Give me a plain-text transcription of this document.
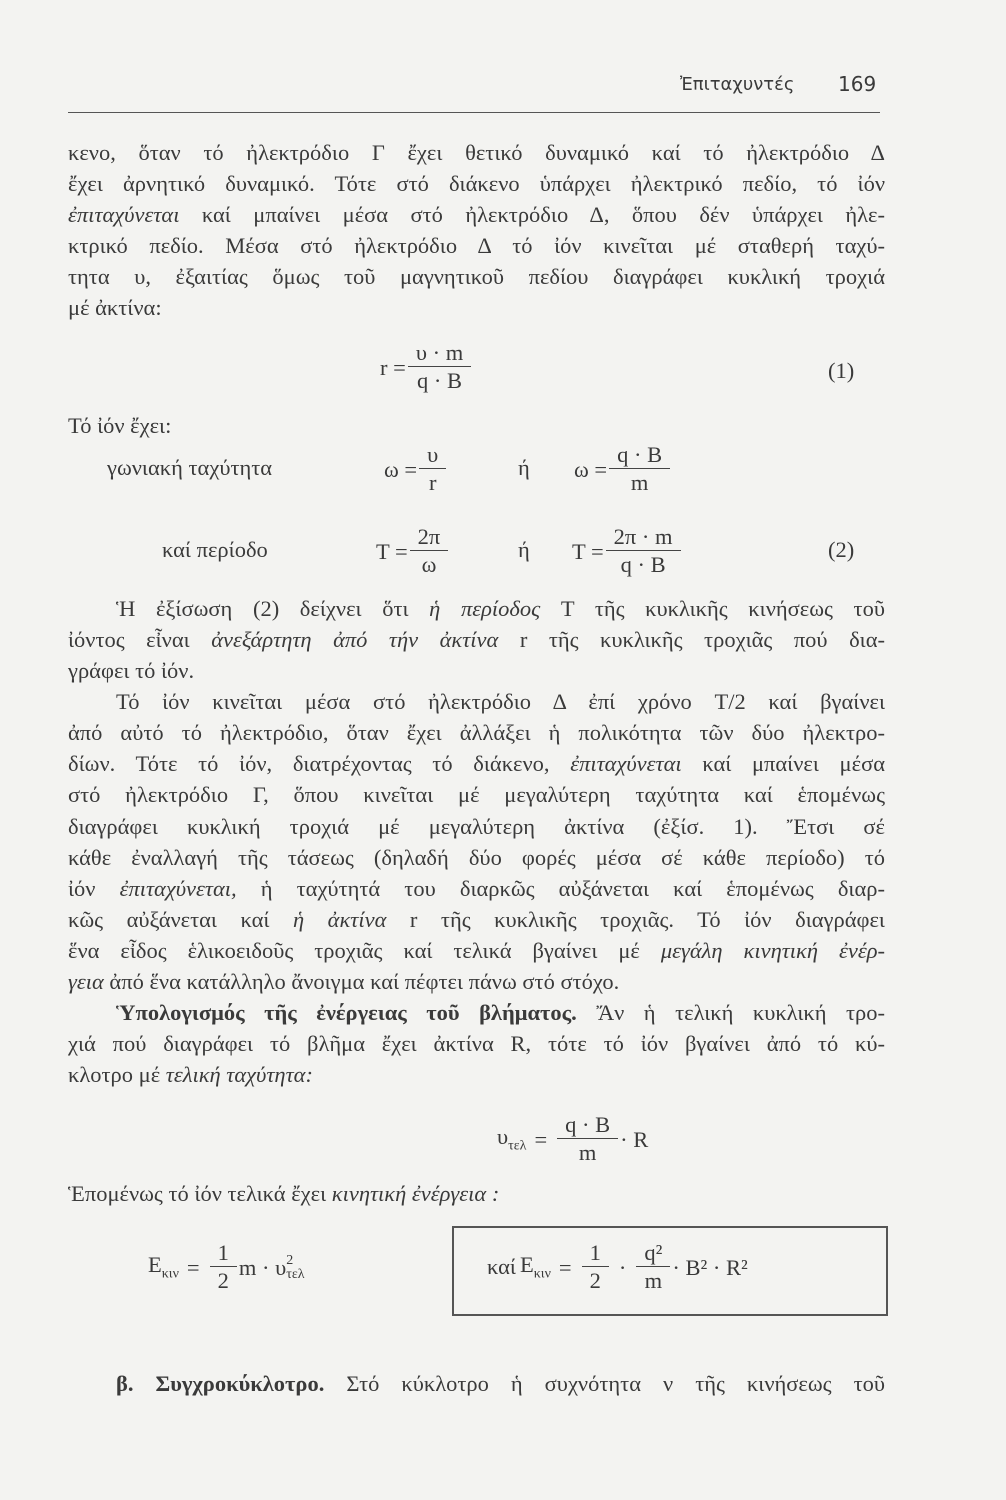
Ἐπιταχυντές 169
κενο, ὅταν τό ἠλεκτρόδιο Γ ἔχει θετικό δυναμικό καί τό ἠλεκτρόδιο Δ
ἔχει ἀρνητικό δυναμικό. Τότε στό διάκενο ὑπάρχει ἠλεκτρικό πεδίο, τό ἰόν
ἐπιταχύνεται καί μπαίνει μέσα στό ἠλεκτρόδιο Δ, ὅπου δέν ὑπάρχει ἠλε-
κτρικό πεδίο. Μέσα στό ἠλεκτρόδιο Δ τό ἰόν κινεῖται μέ σταθερή ταχύ-
τητα υ, ἐξαιτίας ὅμως τοῦ μαγνητικοῦ πεδίου διαγράφει κυκλική τροχιά
μέ ἀκτίνα:
Τό ἰόν ἔχει:
Ἡ ἐξίσωση (2) δείχνει ὅτι ἡ περίοδος T τῆς κυκλικῆς κινήσεως τοῦ
ἰόντος εἶναι ἀνεξάρτητη ἀπό τήν ἀκτίνα r τῆς κυκλικῆς τροχιᾶς πού δια-
γράφει τό ἰόν.
Τό ἰόν κινεῖται μέσα στό ἠλεκτρόδιο Δ ἐπί χρόνο T/2 καί βγαίνει
ἀπό αὐτό τό ἠλεκτρόδιο, ὅταν ἔχει ἀλλάξει ἡ πολικότητα τῶν δύο ἠλεκτρο-
δίων. Τότε τό ἰόν, διατρέχοντας τό διάκενο, ἐπιταχύνεται καί μπαίνει μέσα
στό ἠλεκτρόδιο Γ, ὅπου κινεῖται μέ μεγαλύτερη ταχύτητα καί ἑπομένως
διαγράφει κυκλική τροχιά μέ μεγαλύτερη ἀκτίνα (ἐξίσ. 1). Ἔτσι σέ
κάθε ἐναλλαγή τῆς τάσεως (δηλαδή δύο φορές μέσα σέ κάθε περίοδο) τό
ἰόν ἐπιταχύνεται, ἡ ταχύτητά του διαρκῶς αὐξάνεται καί ἑπομένως διαρ-
κῶς αὐξάνεται καί ἡ ἀκτίνα r τῆς κυκλικῆς τροχιᾶς. Τό ἰόν διαγράφει
ἕνα εἶδος ἑλικοειδοῦς τροχιᾶς καί τελικά βγαίνει μέ μεγάλη κινητική ἐνέρ-
γεια ἀπό ἕνα κατάλληλο ἄνοιγμα καί πέφτει πάνω στό στόχο.
Ὑπολογισμός τῆς ἐνέργειας τοῦ βλήματος. Ἄν ἡ τελική κυκλική τρο-
χιά πού διαγράφει τό βλῆμα ἔχει ἀκτίνα R, τότε τό ἰόν βγαίνει ἀπό τό κύ-
κλοτρο μέ τελική ταχύτητα:
Ἑπομένως τό ἰόν τελικά ἔχει κινητική ἐνέργεια :
β. Συγχροκύκλοτρο. Στό κύκλοτρο ἡ συχνότητα ν τῆς κινήσεως τοῦ
$r = \frac{\upsilon \cdot m}{q \cdot B}$	(1)
γωνιακή ταχύτητα	$\omega = \frac{\upsilon}{r}$	ή $\omega = \frac{q \cdot B}{m}$
καί περίοδο	$T = \frac{2\pi}{\omega}$	ή $T = \frac{2\pi \cdot m}{q \cdot B}$	(2)
$\upsilon_{\tau\varepsilon\lambda} = \frac{q \cdot B}{m} \cdot R$
$E_{\kappa\iota\nu} = \frac{1}{2}$ m · υ 2
τελ	καί $E_{\kappa\iota\nu} = \frac{1}{2} \cdot \frac{\text{q²}}{m} \cdot B^2 \cdot R^2$
